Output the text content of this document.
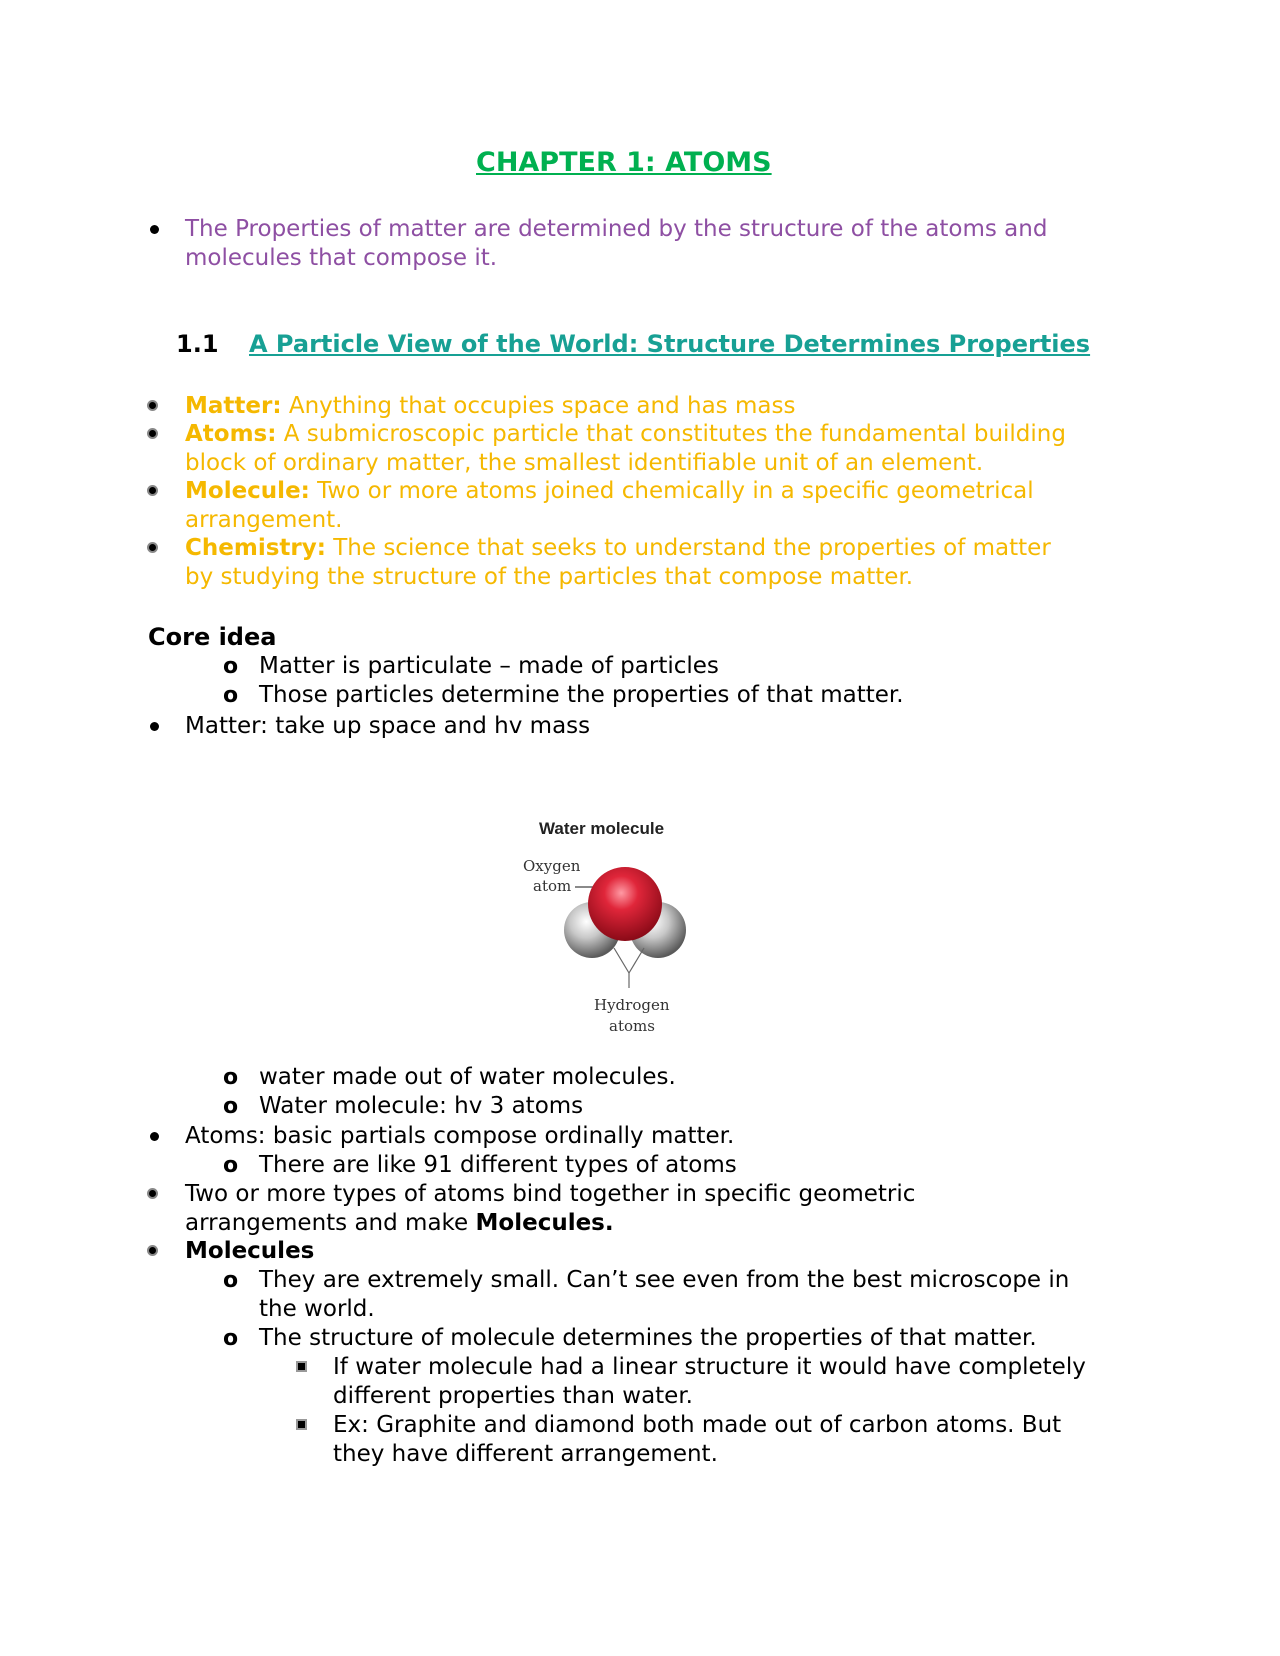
CHAPTER 1: ATOMS
The Properties of matter are determined by the structure of the atoms and
molecules that compose it.
1.1 A Particle View of the World: Structure Determines Properties
Matter: Anything that occupies space and has mass
Atoms: A submicroscopic particle that constitutes the fundamental building
block of ordinary matter, the smallest identifiable unit of an element.
Molecule: Two or more atoms joined chemically in a specific geometrical
arrangement.
Chemistry: The science that seeks to understand the properties of matter
by studying the structure of the particles that compose matter.
Core idea
o Matter is particulate – made of particles
o Those particles determine the properties of that matter.
Matter: take up space and hv mass
Water molecule
Oxygen
atom
Hydrogen
atoms
o water made out of water molecules.
o Water molecule: hv 3 atoms
Atoms: basic partials compose ordinally matter.
o There are like 91 different types of atoms
Two or more types of atoms bind together in specific geometric
arrangements and make Molecules.
Molecules
o They are extremely small. Can’t see even from the best microscope in
the world.
o The structure of molecule determines the properties of that matter.
If water molecule had a linear structure it would have completely
different properties than water.
Ex: Graphite and diamond both made out of carbon atoms. But
they have different arrangement.
